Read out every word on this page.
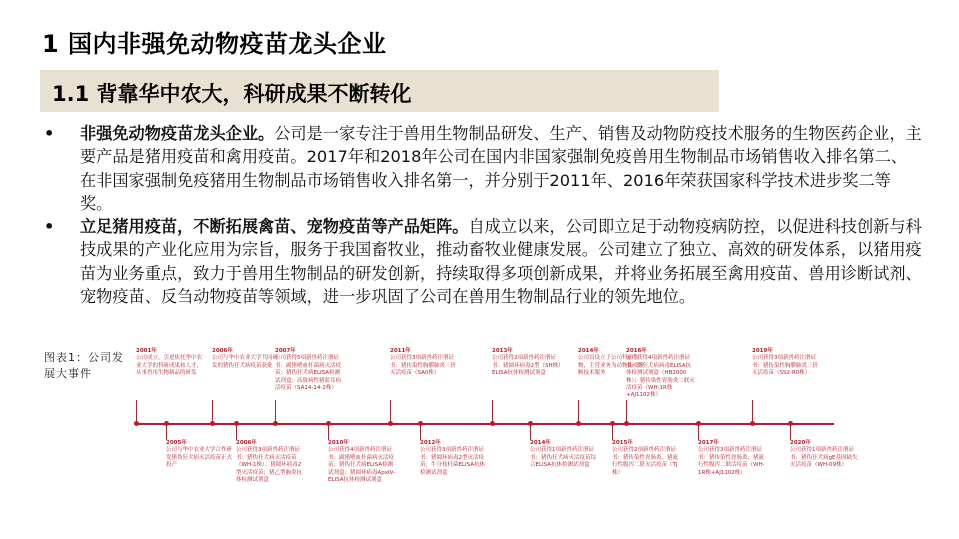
1 国内非强免动物疫苗龙头企业
1.1 背靠华中农大，科研成果不断转化

• 非强免动物疫苗龙头企业。公司是一家专注于兽用生物制品研发、生产、销售及动物防疫技术服务的生物医药企业，主要产品是猪用疫苗和禽用疫苗。2017年和2018年公司在国内非国家强制免疫兽用生物制品市场销售收入排名第二、在非国家强制免疫猪用生物制品市场销售收入排名第一，并分别于2011年、2016年荣获国家科学技术进步奖二等奖。

• 立足猪用疫苗，不断拓展禽苗、宠物疫苗等产品矩阵。自成立以来，公司即立足于动物疫病防控，以促进科技创新与科技成果的产业化应用为宗旨，服务于我国畜牧业，推动畜牧业健康发展。公司建立了独立、高效的研发体系，以猪用疫苗为业务重点，致力于兽用生物制品的研发创新，持续取得多项创新成果，并将业务拓展至禽用疫苗、兽用诊断试剂、宠物疫苗、反刍动物疫苗等领域，进一步巩固了公司在兽用生物制品行业的领先地位。

图表1：公司发展大事件
2001年
公司成立，引进依托华中农业大学的科研成果和人才，从事兽用生物制品的研发
2006年
公司与华中农业大学共同研发的猪伪狂犬病疫苗获批
2007年
公司获得5项新兽药注册证书：副猪嗜血杆菌病灭活疫苗；猪伪狂犬病ELISA检测试剂盒；高致病性猪蓝耳病活疫苗（SA14-14-2株）
2011年
公司获得3项新兽药注册证书：猪传染性胸膜肺炎三价灭活疫苗（SA0株）
2013年
公司获得2项新兽药注册证书：猪圆环病毒2型（SH株）ELISA抗体检测试剂盒
2014年
公司首设立子公司科前生物，主营业务为动物防疫诊断技术服务
2016年
公司获得4项新兽药注册证书：伪狂犬病病毒ELISA抗体检测试剂盒（HB2000株）；猪传染性胃肠炎二联灭活疫苗（WH-1R株+AJ1102株）
2019年
公司获得3项新兽药注册证书：猪传染性胸膜肺炎三价灭活疫苗（SS2-R0株）
2005年
公司与华中农业大学合作研发猪伪狂犬病灭活疫苗正式投产
2006年
公司获得3项新兽药注册证书：猪伪狂犬病灭活疫苗（WH-1株）；猪圆环病毒2型灭活疫苗；猪乙型脑炎抗体检测试剂盒
2010年
公司获得4项新兽药注册证书：副猪嗜血杆菌病灭活疫苗；猪伪狂犬病ELISA检测试剂盒；猪圆环病毒ApxIV-ELISA抗体检测试剂盒
2012年
公司获得3项新兽药注册证书：猪圆环病毒2型灭活疫苗；牛分枝杆菌ELISA抗体检测试剂盒
2014年
公司获得1项新兽药注册证书：猪伪狂犬病灭活疫苗综合ELISA抗体检测试剂盒
2015年
公司获得2项新兽药注册证书：猪传染性胃肠炎、猪流行性腹泻二联灭活疫苗（TJ株）
2017年
公司获得3项新兽药注册证书：猪传染性胃肠炎、猪流行性腹泻二联活疫苗（WH-1R株+AJ1102株）
2020年
公司获得1项新兽药注册证书：猪伪狂犬病gE基因缺失灭活疫苗（WH-09株）
